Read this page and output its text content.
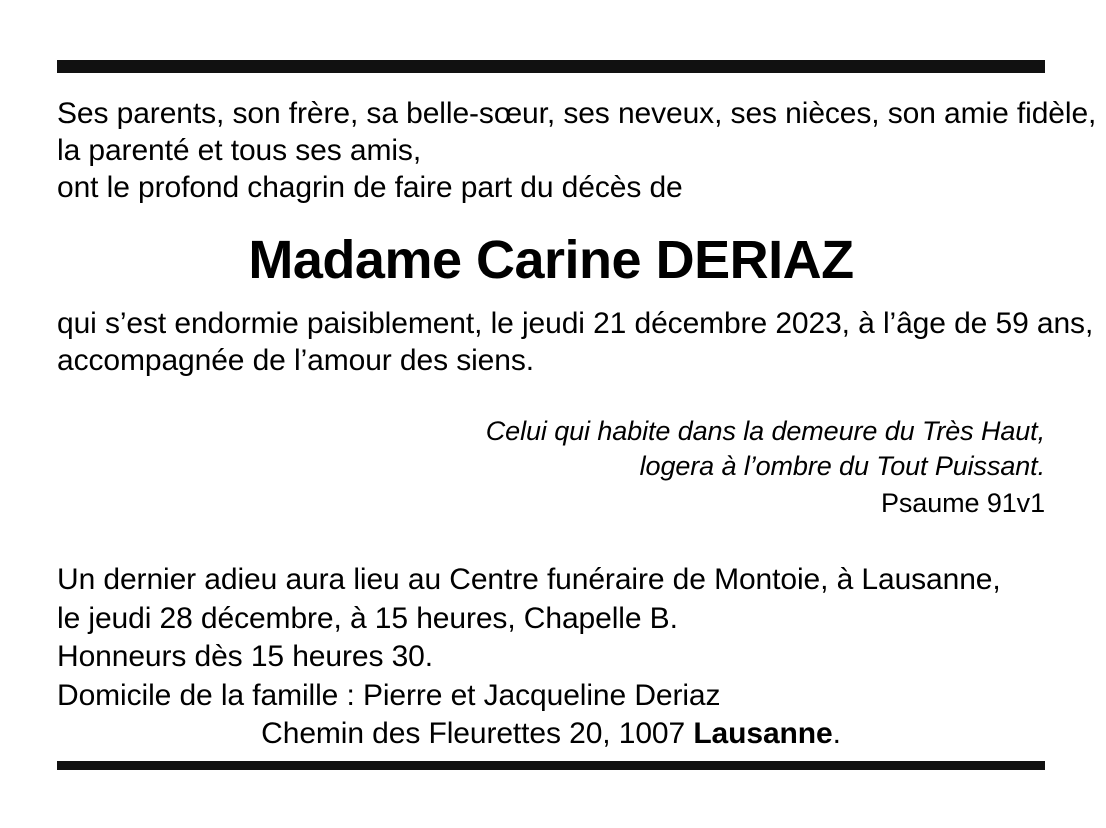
Ses parents, son frère, sa belle-sœur, ses neveux, ses nièces, son amie fidèle,
la parenté et tous ses amis,
ont le profond chagrin de faire part du décès de
Madame Carine DERIAZ
qui s’est endormie paisiblement, le jeudi 21 décembre 2023, à l’âge de 59 ans,
accompagnée de l’amour des siens.
Celui qui habite dans la demeure du Très Haut,
logera à l’ombre du Tout Puissant.
Psaume 91v1
Un dernier adieu aura lieu au Centre funéraire de Montoie, à Lausanne,
le jeudi 28 décembre, à 15 heures, Chapelle B.
Honneurs dès 15 heures 30.
Domicile de la famille : Pierre et Jacqueline Deriaz
Chemin des Fleurettes 20, 1007 Lausanne.
